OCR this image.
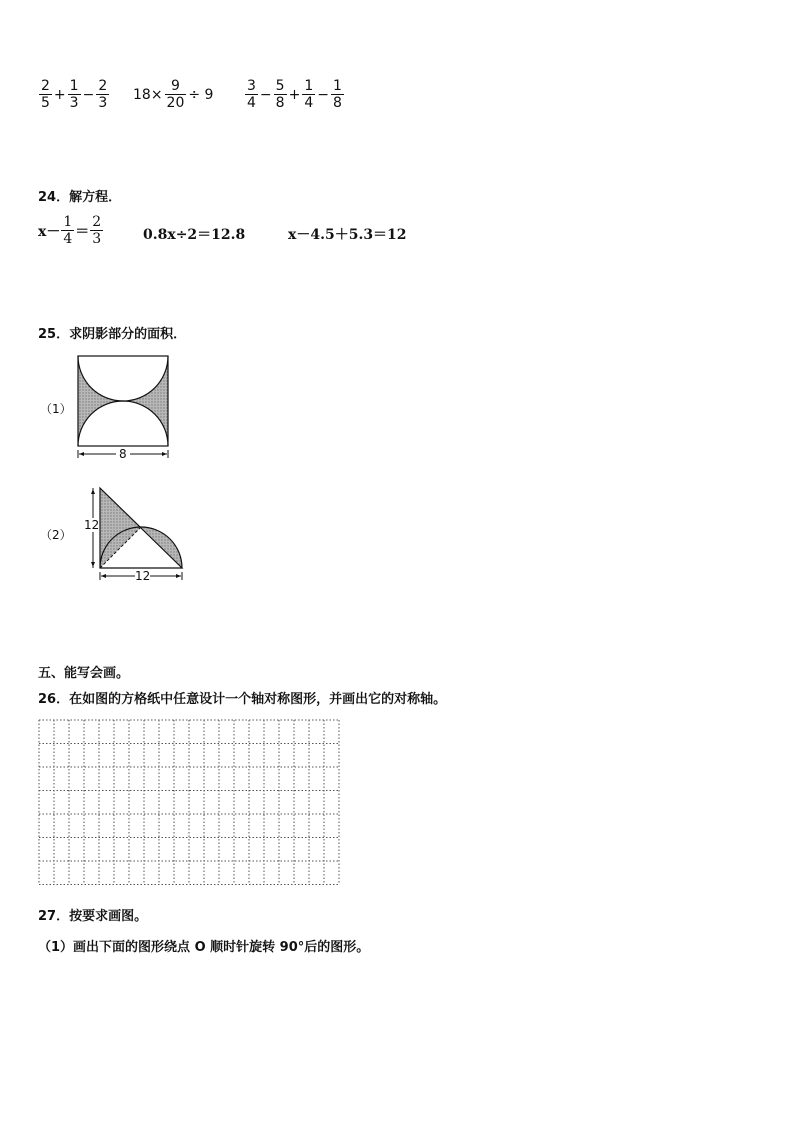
$\frac{2}{5} + \frac{1}{3} - \frac{2}{3} 18\times \frac{9}{20} \div 9 \frac{3}{4} - \frac{5}{8} + \frac{1}{4} - \frac{1}{8}$
24．解方程．
$x- \frac{1}{4} = \frac{2}{3}$	0.8x÷2＝12.8	x－4.5＋5.3＝12
25．求阴影部分的面积．
（1）
8
（2）
12
12
五、能写会画。
26．在如图的方格纸中任意设计一个轴对称图形，并画出它的对称轴。
27．按要求画图。
（1）画出下面的图形绕点 O 顺时针旋转 90°后的图形。
